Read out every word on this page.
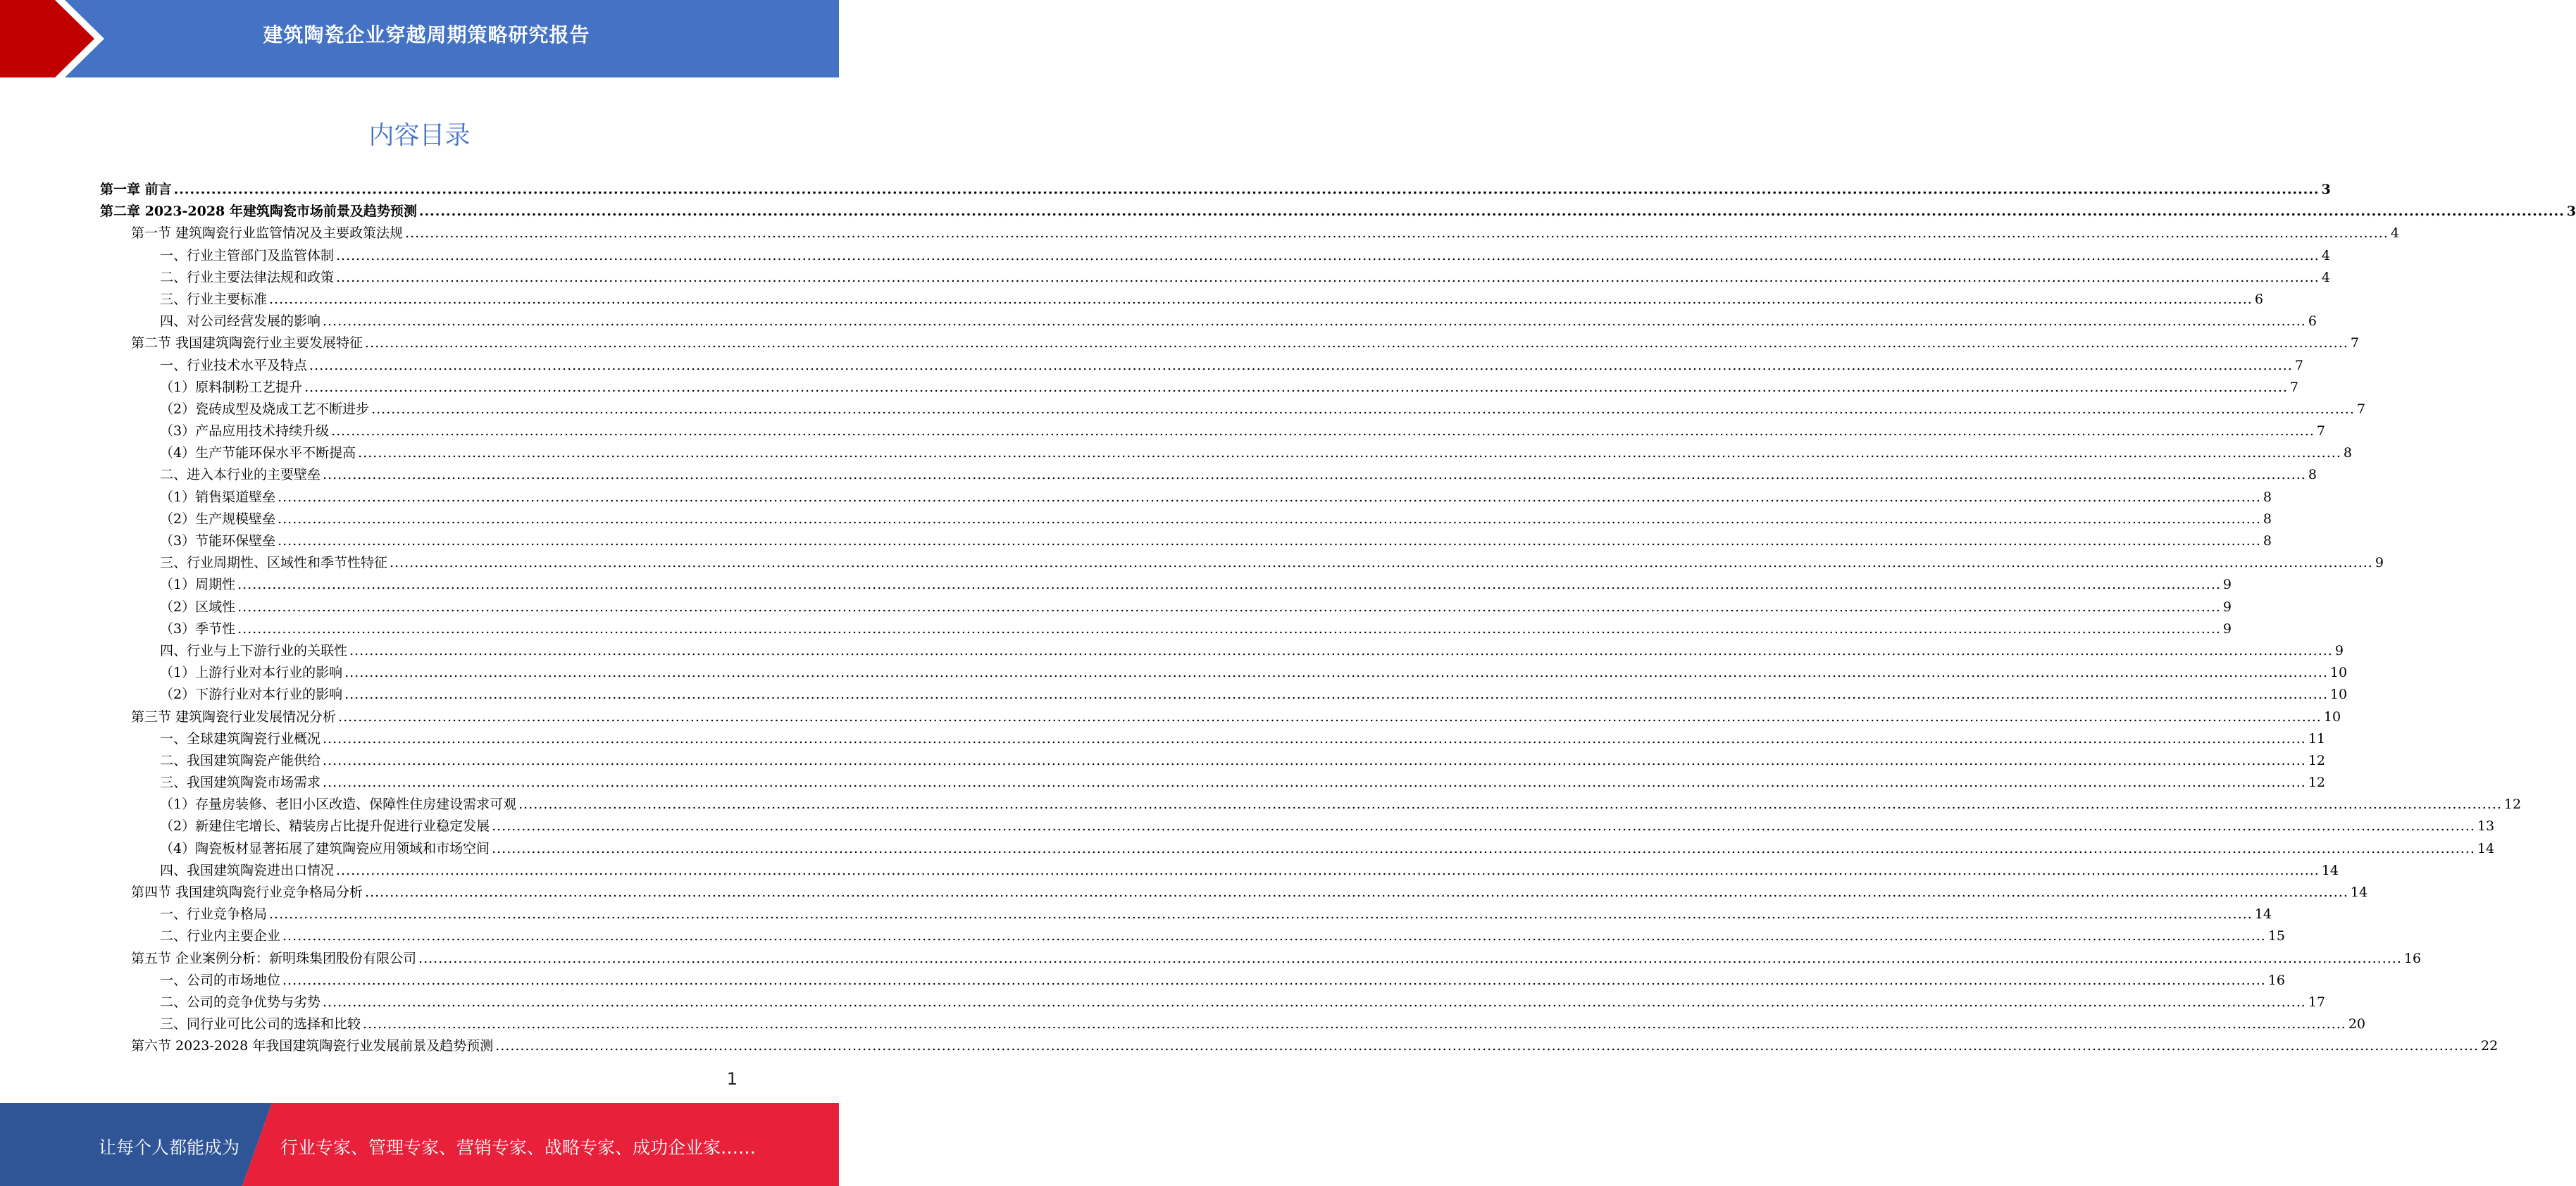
建筑陶瓷企业穿越周期策略研究报告
内容目录
第一章 前言 ................................................................................................................................................................................................................................................................................................................................................................................................................ 3
第二章 2023-2028 年建筑陶瓷市场前景及趋势预测 ................................................................................................................................................................................................................................................................................................................................................................................................................ 3
第一节 建筑陶瓷行业监管情况及主要政策法规 ................................................................................................................................................................................................................................................................................................................................................................................................................ 4
一、行业主管部门及监管体制 ................................................................................................................................................................................................................................................................................................................................................................................................................ 4
二、行业主要法律法规和政策 ................................................................................................................................................................................................................................................................................................................................................................................................................ 4
三、行业主要标准 ................................................................................................................................................................................................................................................................................................................................................................................................................ 6
四、对公司经营发展的影响 ................................................................................................................................................................................................................................................................................................................................................................................................................ 6
第二节 我国建筑陶瓷行业主要发展特征 ................................................................................................................................................................................................................................................................................................................................................................................................................ 7
一、行业技术水平及特点 ................................................................................................................................................................................................................................................................................................................................................................................................................ 7
（1）原料制粉工艺提升 ................................................................................................................................................................................................................................................................................................................................................................................................................ 7
（2）瓷砖成型及烧成工艺不断进步 ................................................................................................................................................................................................................................................................................................................................................................................................................ 7
（3）产品应用技术持续升级 ................................................................................................................................................................................................................................................................................................................................................................................................................ 7
（4）生产节能环保水平不断提高 ................................................................................................................................................................................................................................................................................................................................................................................................................ 8
二、进入本行业的主要壁垒 ................................................................................................................................................................................................................................................................................................................................................................................................................ 8
（1）销售渠道壁垒 ................................................................................................................................................................................................................................................................................................................................................................................................................ 8
（2）生产规模壁垒 ................................................................................................................................................................................................................................................................................................................................................................................................................ 8
（3）节能环保壁垒 ................................................................................................................................................................................................................................................................................................................................................................................................................ 8
三、行业周期性、区域性和季节性特征 ................................................................................................................................................................................................................................................................................................................................................................................................................ 9
（1）周期性 ................................................................................................................................................................................................................................................................................................................................................................................................................ 9
（2）区域性 ................................................................................................................................................................................................................................................................................................................................................................................................................ 9
（3）季节性 ................................................................................................................................................................................................................................................................................................................................................................................................................ 9
四、行业与上下游行业的关联性 ................................................................................................................................................................................................................................................................................................................................................................................................................ 9
（1）上游行业对本行业的影响 ................................................................................................................................................................................................................................................................................................................................................................................................................ 10
（2）下游行业对本行业的影响 ................................................................................................................................................................................................................................................................................................................................................................................................................ 10
第三节 建筑陶瓷行业发展情况分析 ................................................................................................................................................................................................................................................................................................................................................................................................................ 10
一、全球建筑陶瓷行业概况 ................................................................................................................................................................................................................................................................................................................................................................................................................ 11
二、我国建筑陶瓷产能供给 ................................................................................................................................................................................................................................................................................................................................................................................................................ 12
三、我国建筑陶瓷市场需求 ................................................................................................................................................................................................................................................................................................................................................................................................................ 12
（1）存量房装修、老旧小区改造、保障性住房建设需求可观 ................................................................................................................................................................................................................................................................................................................................................................................................................ 12
（2）新建住宅增长、精装房占比提升促进行业稳定发展 ................................................................................................................................................................................................................................................................................................................................................................................................................ 13
（4）陶瓷板材显著拓展了建筑陶瓷应用领域和市场空间 ................................................................................................................................................................................................................................................................................................................................................................................................................ 14
四、我国建筑陶瓷进出口情况 ................................................................................................................................................................................................................................................................................................................................................................................................................ 14
第四节 我国建筑陶瓷行业竞争格局分析 ................................................................................................................................................................................................................................................................................................................................................................................................................ 14
一、行业竞争格局 ................................................................................................................................................................................................................................................................................................................................................................................................................ 14
二、行业内主要企业 ................................................................................................................................................................................................................................................................................................................................................................................................................ 15
第五节 企业案例分析：新明珠集团股份有限公司 ................................................................................................................................................................................................................................................................................................................................................................................................................ 16
一、公司的市场地位 ................................................................................................................................................................................................................................................................................................................................................................................................................ 16
二、公司的竞争优势与劣势 ................................................................................................................................................................................................................................................................................................................................................................................................................ 17
三、同行业可比公司的选择和比较 ................................................................................................................................................................................................................................................................................................................................................................................................................ 20
第六节 2023-2028 年我国建筑陶瓷行业发展前景及趋势预测 ................................................................................................................................................................................................................................................................................................................................................................................................................ 22
1
让每个人都能成为 行业专家、管理专家、营销专家、战略专家、成功企业家……
